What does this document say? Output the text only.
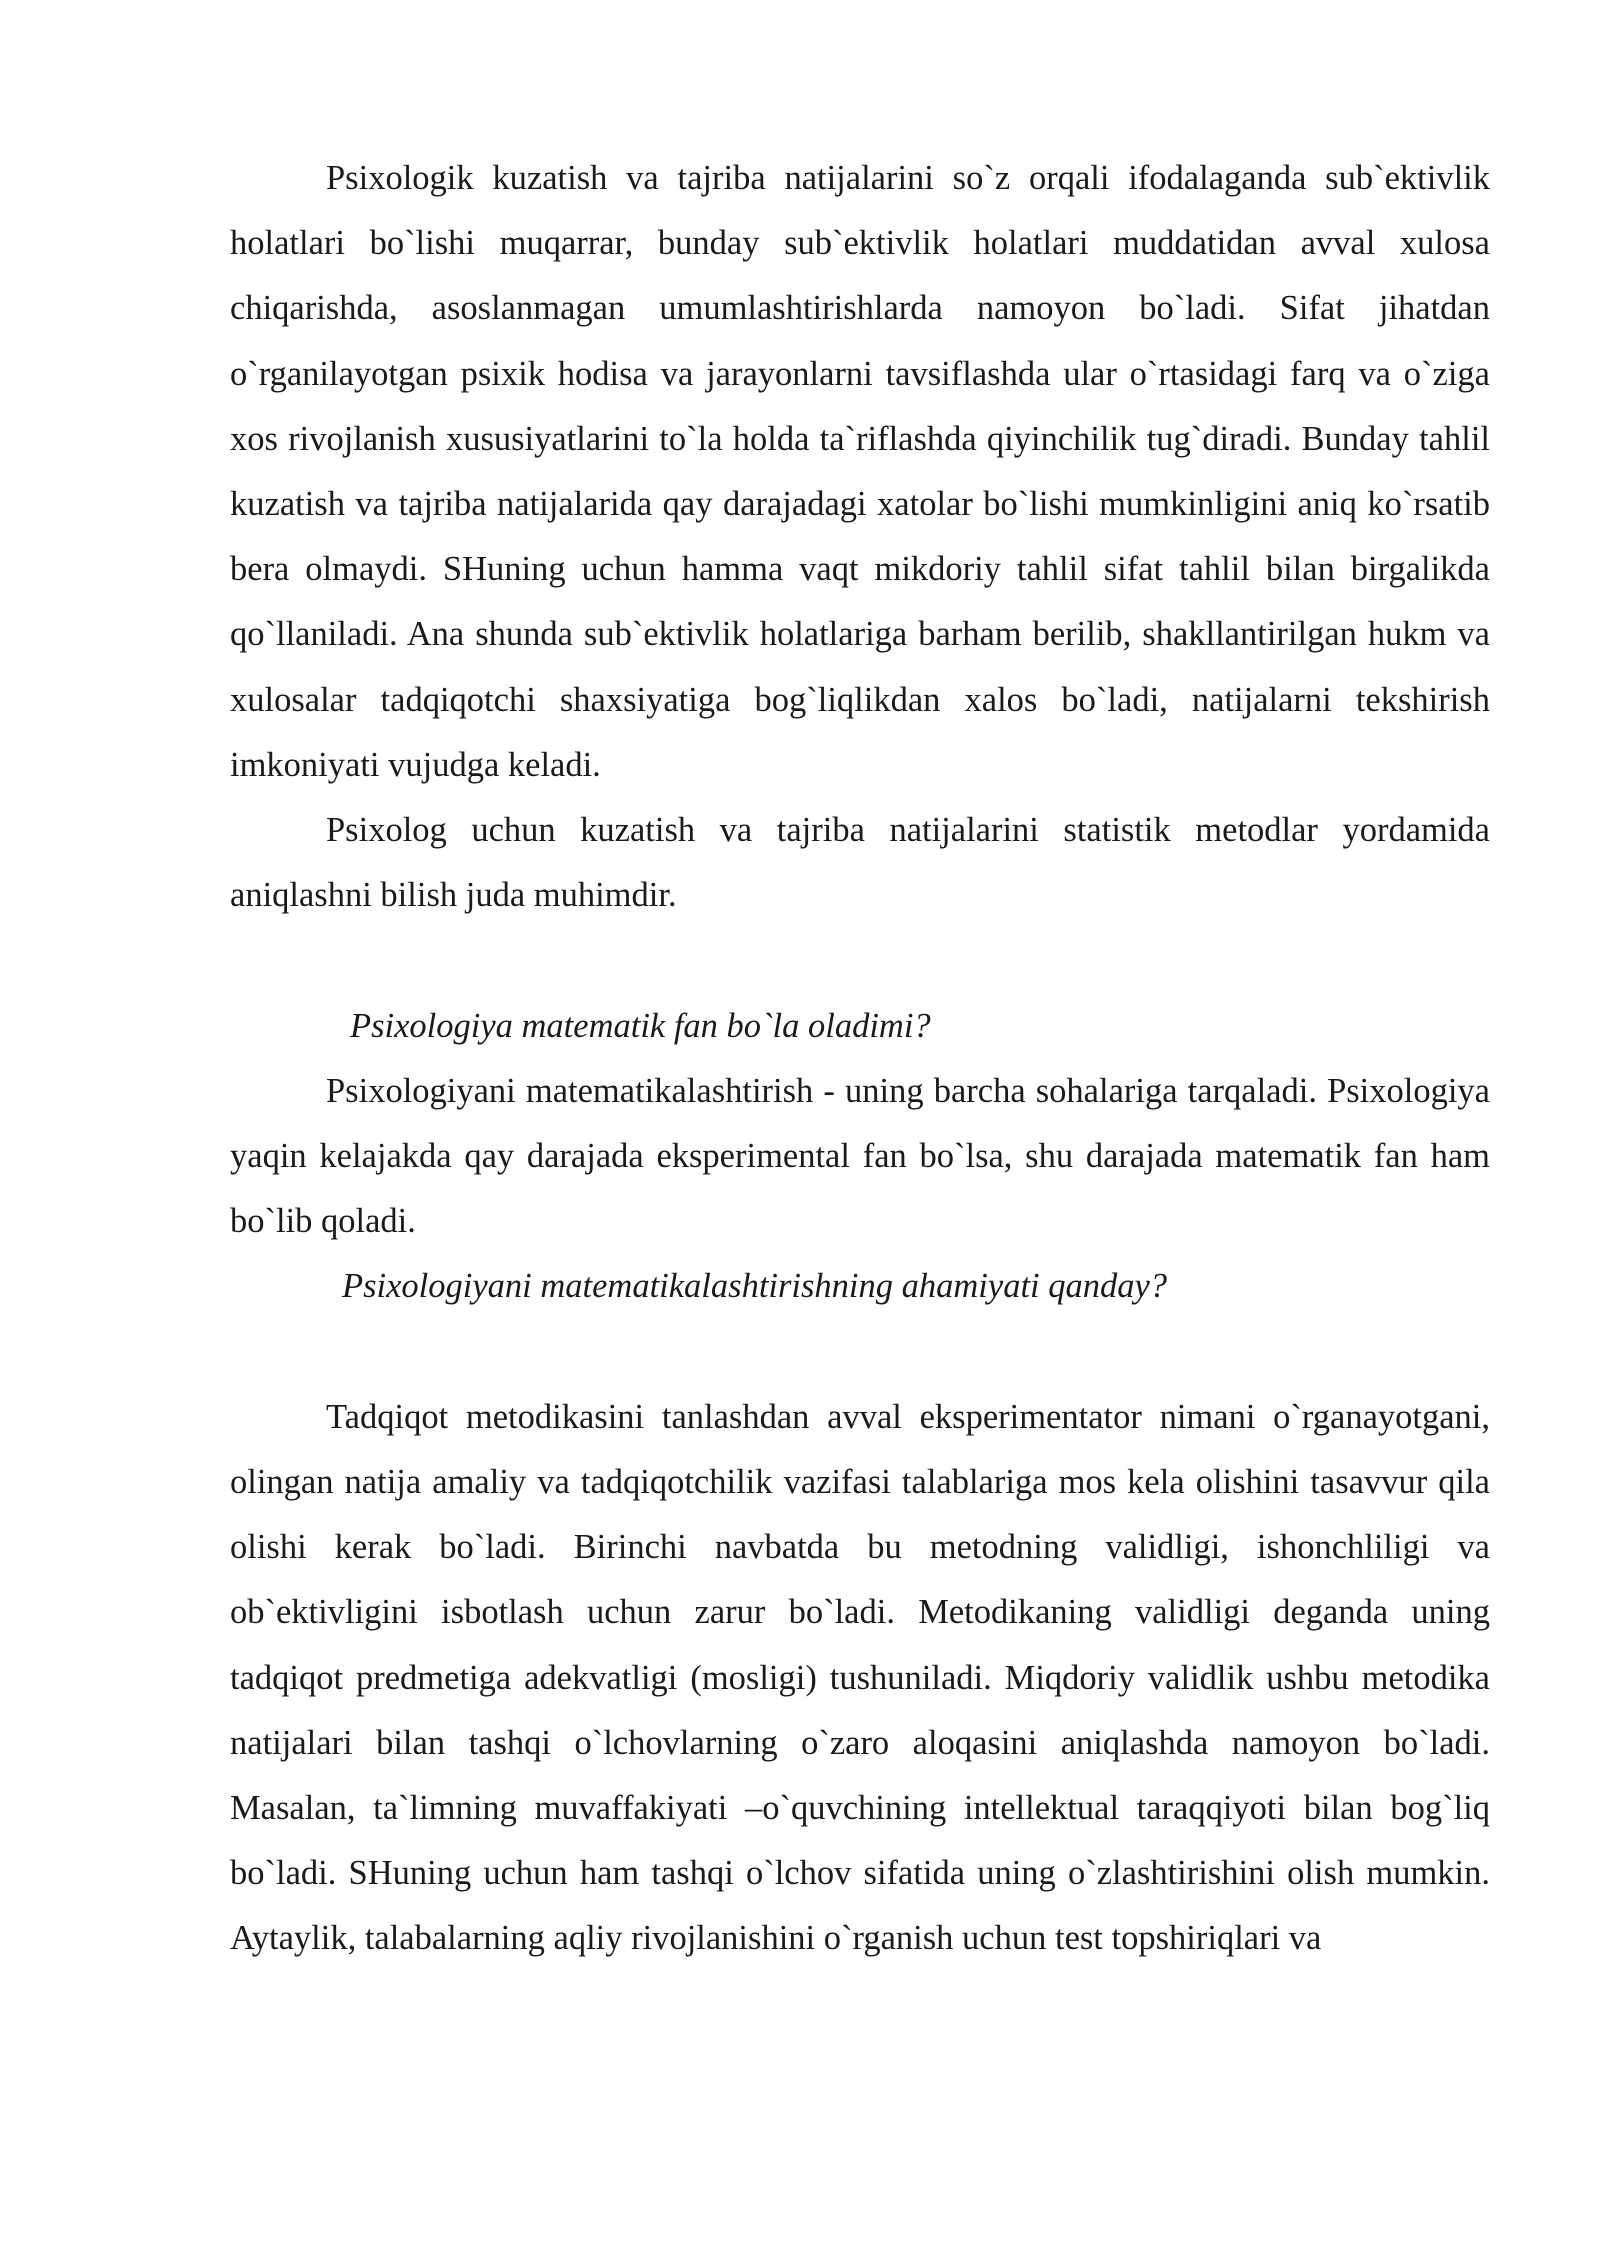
Psixologik kuzatish va tajriba natijalarini so`z orqali ifodalaganda sub`ektivlik holatlari bo`lishi muqarrar, bunday sub`ektivlik holatlari muddatidan avval xulosa chiqarishda, asoslanmagan umumlashtirishlarda namoyon bo`ladi. Sifat jihatdan o`rganilayotgan psixik hodisa va jarayonlarni tavsiflashda ular o`rtasidagi farq va o`ziga xos rivojlanish xususiyatlarini to`la holda ta`riflashda qiyinchilik tug`diradi. Bunday tahlil kuzatish va tajriba natijalarida qay darajadagi xatolar bo`lishi mumkinligini aniq ko`rsatib bera olmaydi. SHuning uchun hamma vaqt mikdoriy tahlil sifat tahlil bilan birgalikda qo`llaniladi. Ana shunda sub`ektivlik holatlariga barham berilib, shakllantirilgan hukm va xulosalar tadqiqotchi shaxsiyatiga bog`liqlikdan xalos bo`ladi, natijalarni tekshirish imkoniyati vujudga keladi.

Psixolog uchun kuzatish va tajriba natijalarini statistik metodlar yordamida aniqlashni bilish juda muhimdir.

Psixologiya matematik fan bo`la oladimi?

Psixologiyani matematikalashtirish - uning barcha sohalariga tarqaladi. Psixologiya yaqin kelajakda qay darajada eksperimental fan bo`lsa, shu darajada matematik fan ham bo`lib qoladi.

Psixologiyani matematikalashtirishning ahamiyati qanday?

Tadqiqot metodikasini tanlashdan avval eksperimentator nimani o`rganayotgani, olingan natija amaliy va tadqiqotchilik vazifasi talablariga mos kela olishini tasavvur qila olishi kerak bo`ladi. Birinchi navbatda bu metodning validligi, ishonchliligi va ob`ektivligini isbotlash uchun zarur bo`ladi. Metodikaning validligi deganda uning tadqiqot predmetiga adekvatligi (mosligi) tushuniladi. Miqdoriy validlik ushbu metodika natijalari bilan tashqi o`lchovlarning o`zaro aloqasini aniqlashda namoyon bo`ladi. Masalan, ta`limning muvaffakiyati –o`quvchining intellektual taraqqiyoti bilan bog`liq bo`ladi. SHuning uchun ham tashqi o`lchov sifatida uning o`zlashtirishini olish mumkin. Aytaylik, talabalarning aqliy rivojlanishini o`rganish uchun test topshiriqlari va
